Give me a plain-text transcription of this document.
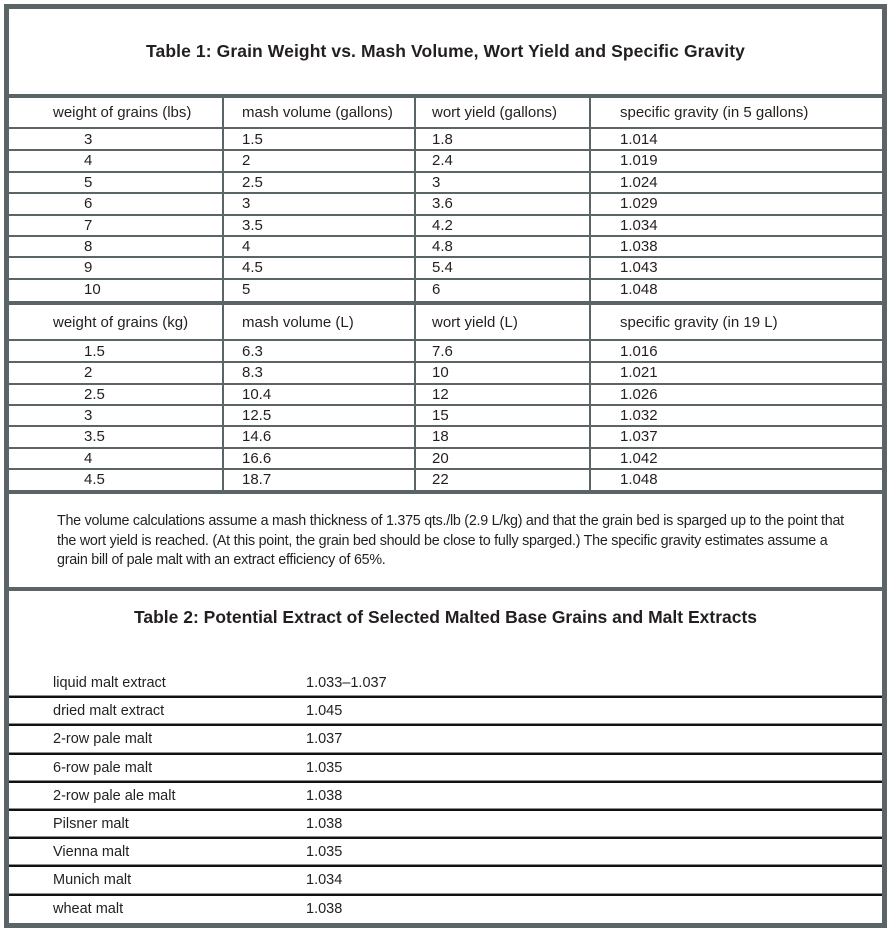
Table 1: Grain Weight vs. Mash Volume, Wort Yield and Specific Gravity
weight of grains (lbs)	mash volume (gallons)	wort yield (gallons)	specific gravity (in 5 gallons)
3	1.5	1.8	1.014
4	2	2.4	1.019
5	2.5	3	1.024
6	3	3.6	1.029
7	3.5	4.2	1.034
8	4	4.8	1.038
9	4.5	5.4	1.043
10	5	6	1.048
weight of grains (kg)	mash volume (L)	wort yield (L)	specific gravity (in 19 L)
1.5	6.3	7.6	1.016
2	8.3	10	1.021
2.5	10.4	12	1.026
3	12.5	15	1.032
3.5	14.6	18	1.037
4	16.6	20	1.042
4.5	18.7	22	1.048
The volume calculations assume a mash thickness of 1.375 qts./lb (2.9 L/kg) and that the grain bed is sparged up to the point that the wort yield is reached. (At this point, the grain bed should be close to fully sparged.) The specific gravity estimates assume a grain bill of pale malt with an extract efficiency of 65%.
Table 2: Potential Extract of Selected Malted Base Grains and Malt Extracts
liquid malt extract	1.033–1.037
dried malt extract	1.045
2-row pale malt	1.037
6-row pale malt	1.035
2-row pale ale malt	1.038
Pilsner malt	1.038
Vienna malt	1.035
Munich malt	1.034
wheat malt	1.038
